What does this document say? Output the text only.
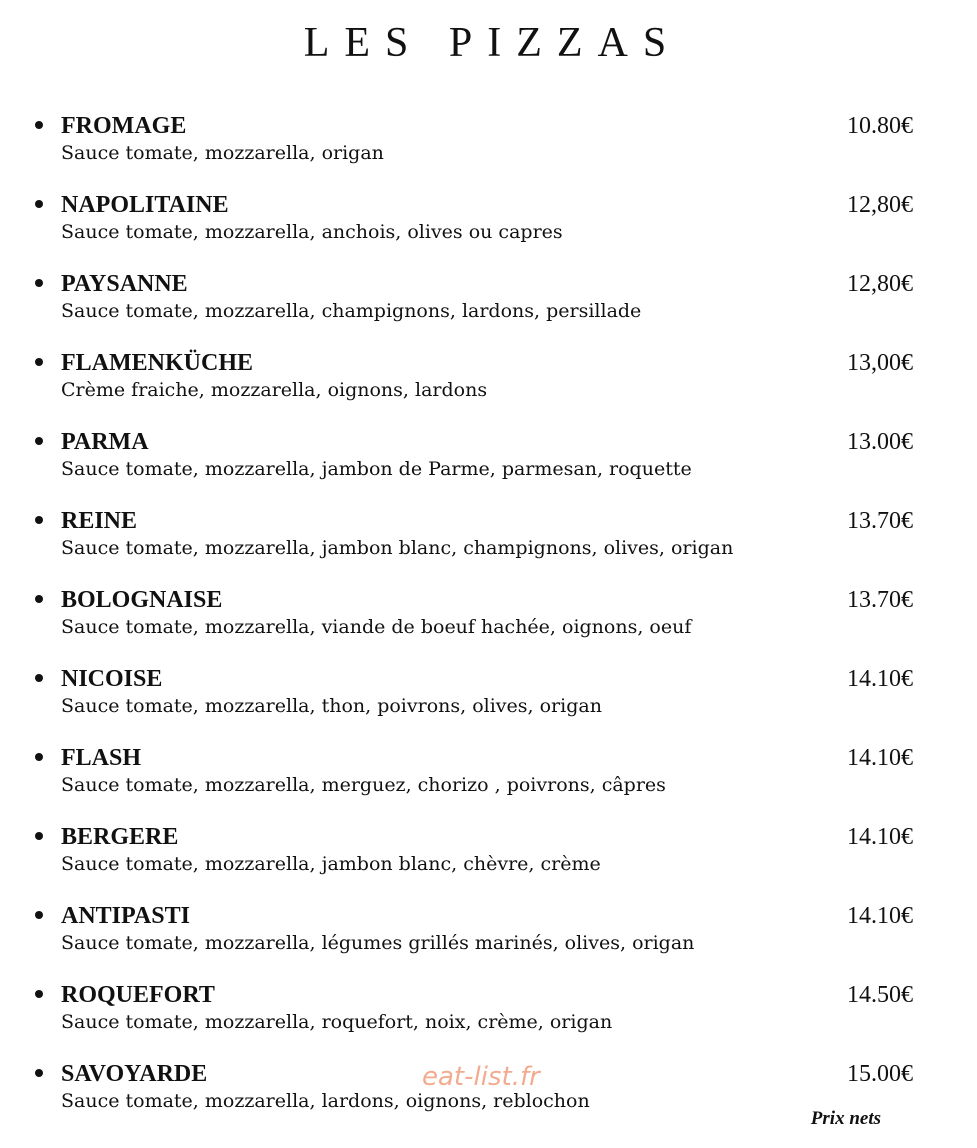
LES PIZZAS
FROMAGE	10.80€
Sauce tomate, mozzarella, origan
NAPOLITAINE	12,80€
Sauce tomate, mozzarella, anchois, olives ou capres
PAYSANNE	12,80€
Sauce tomate, mozzarella, champignons, lardons, persillade
FLAMENKÜCHE	13,00€
Crème fraiche, mozzarella, oignons, lardons
PARMA	13.00€
Sauce tomate, mozzarella, jambon de Parme, parmesan, roquette
REINE	13.70€
Sauce tomate, mozzarella, jambon blanc, champignons, olives, origan
BOLOGNAISE	13.70€
Sauce tomate, mozzarella, viande de boeuf hachée, oignons, oeuf
NICOISE	14.10€
Sauce tomate, mozzarella, thon, poivrons, olives, origan
FLASH	14.10€
Sauce tomate, mozzarella, merguez, chorizo , poivrons, câpres
BERGERE	14.10€
Sauce tomate, mozzarella, jambon blanc, chèvre, crème
ANTIPASTI	14.10€
Sauce tomate, mozzarella, légumes grillés marinés, olives, origan
ROQUEFORT	14.50€
Sauce tomate, mozzarella, roquefort, noix, crème, origan
SAVOYARDE	15.00€
Sauce tomate, mozzarella, lardons, oignons, reblochon
eat-list.fr
Prix nets
